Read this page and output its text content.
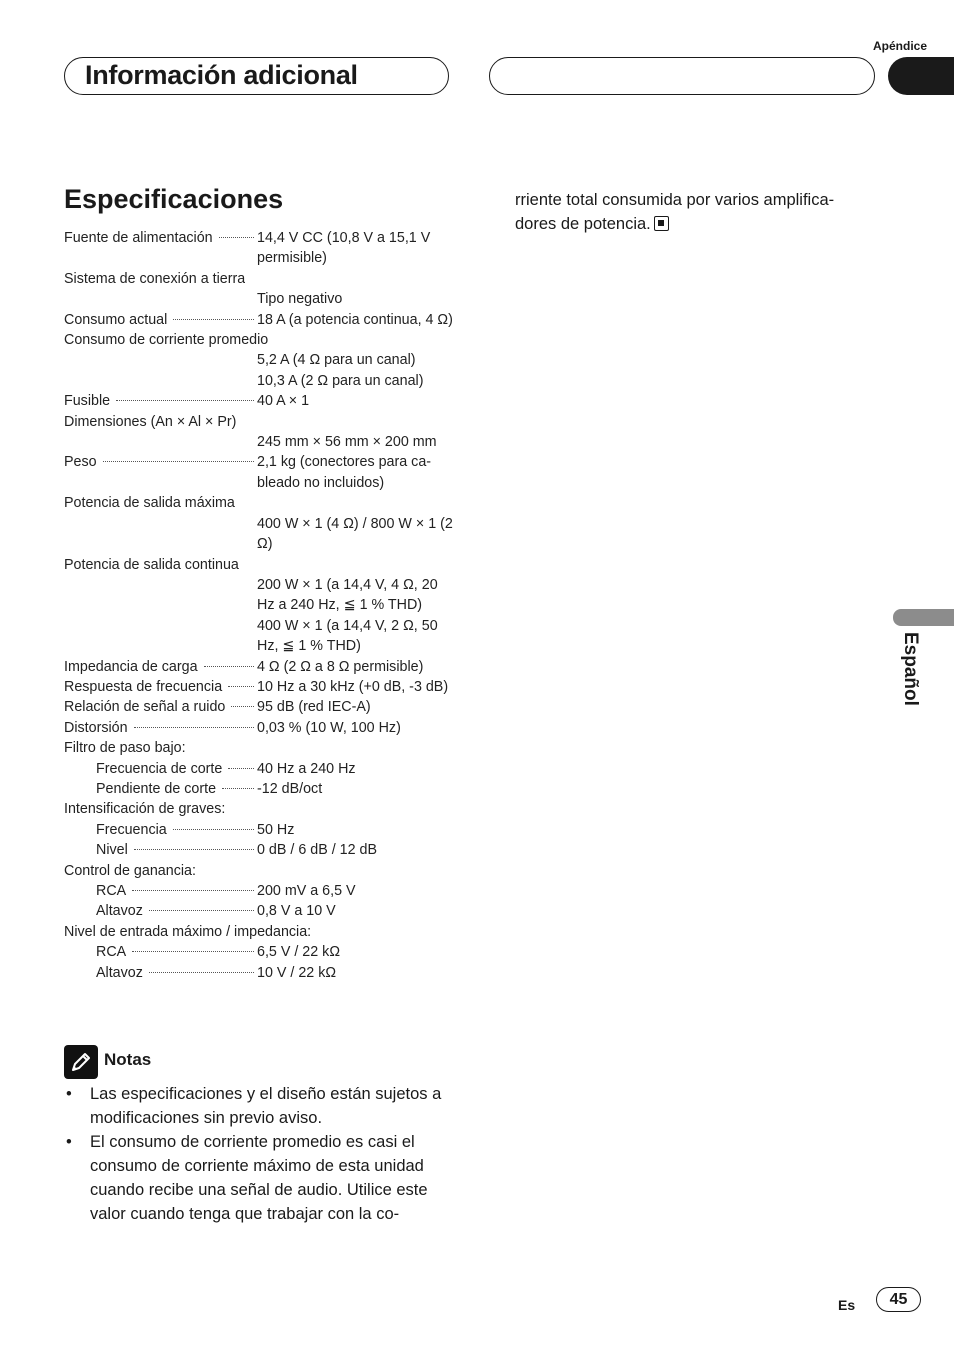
Apéndice
Información adicional
Especificaciones
Fuente de alimentación	14,4 V CC (10,8 V a 15,1 V permisible)
Sistema de conexión a tierra
Tipo negativo
Consumo actual	18 A (a potencia continua, 4 Ω)
Consumo de corriente promedio
5,2 A (4 Ω para un canal)
10,3 A (2 Ω para un canal)
Fusible	40 A × 1
Dimensiones (An × Al × Pr)
245 mm × 56 mm × 200 mm
Peso	2,1 kg (conectores para ca-bleado no incluidos)
Potencia de salida máxima
400 W × 1 (4 Ω) / 800 W × 1 (2 Ω)
Potencia de salida continua
200 W × 1 (a 14,4 V, 4 Ω, 20 Hz a 240 Hz, ≦ 1 % THD)
400 W × 1 (a 14,4 V, 2 Ω, 50 Hz, ≦ 1 % THD)
Impedancia de carga	4 Ω (2 Ω a 8 Ω permisible)
Respuesta de frecuencia 10 Hz a 30 kHz (+0 dB, -3 dB)
Relación de señal a ruido 95 dB (red IEC-A)
Distorsión	0,03 % (10 W, 100 Hz)
Filtro de paso bajo:
Frecuencia de corte 40 Hz a 240 Hz
Pendiente de corte	-12 dB/oct
Intensificación de graves:
Frecuencia	50 Hz
Nivel	0 dB / 6 dB / 12 dB
Control de ganancia:
RCA	200 mV a 6,5 V
Altavoz	0,8 V a 10 V
Nivel de entrada máximo / impedancia:
RCA	6,5 V / 22 kΩ
Altavoz	10 V / 22 kΩ
Notas
• Las especificaciones y el diseño están sujetos a modificaciones sin previo aviso.
• El consumo de corriente promedio es casi el consumo de corriente máximo de esta unidad cuando recibe una señal de audio. Utilice este valor cuando tenga que trabajar con la co-
rriente total consumida por varios amplifica-dores de potencia.
Español
Es	45
